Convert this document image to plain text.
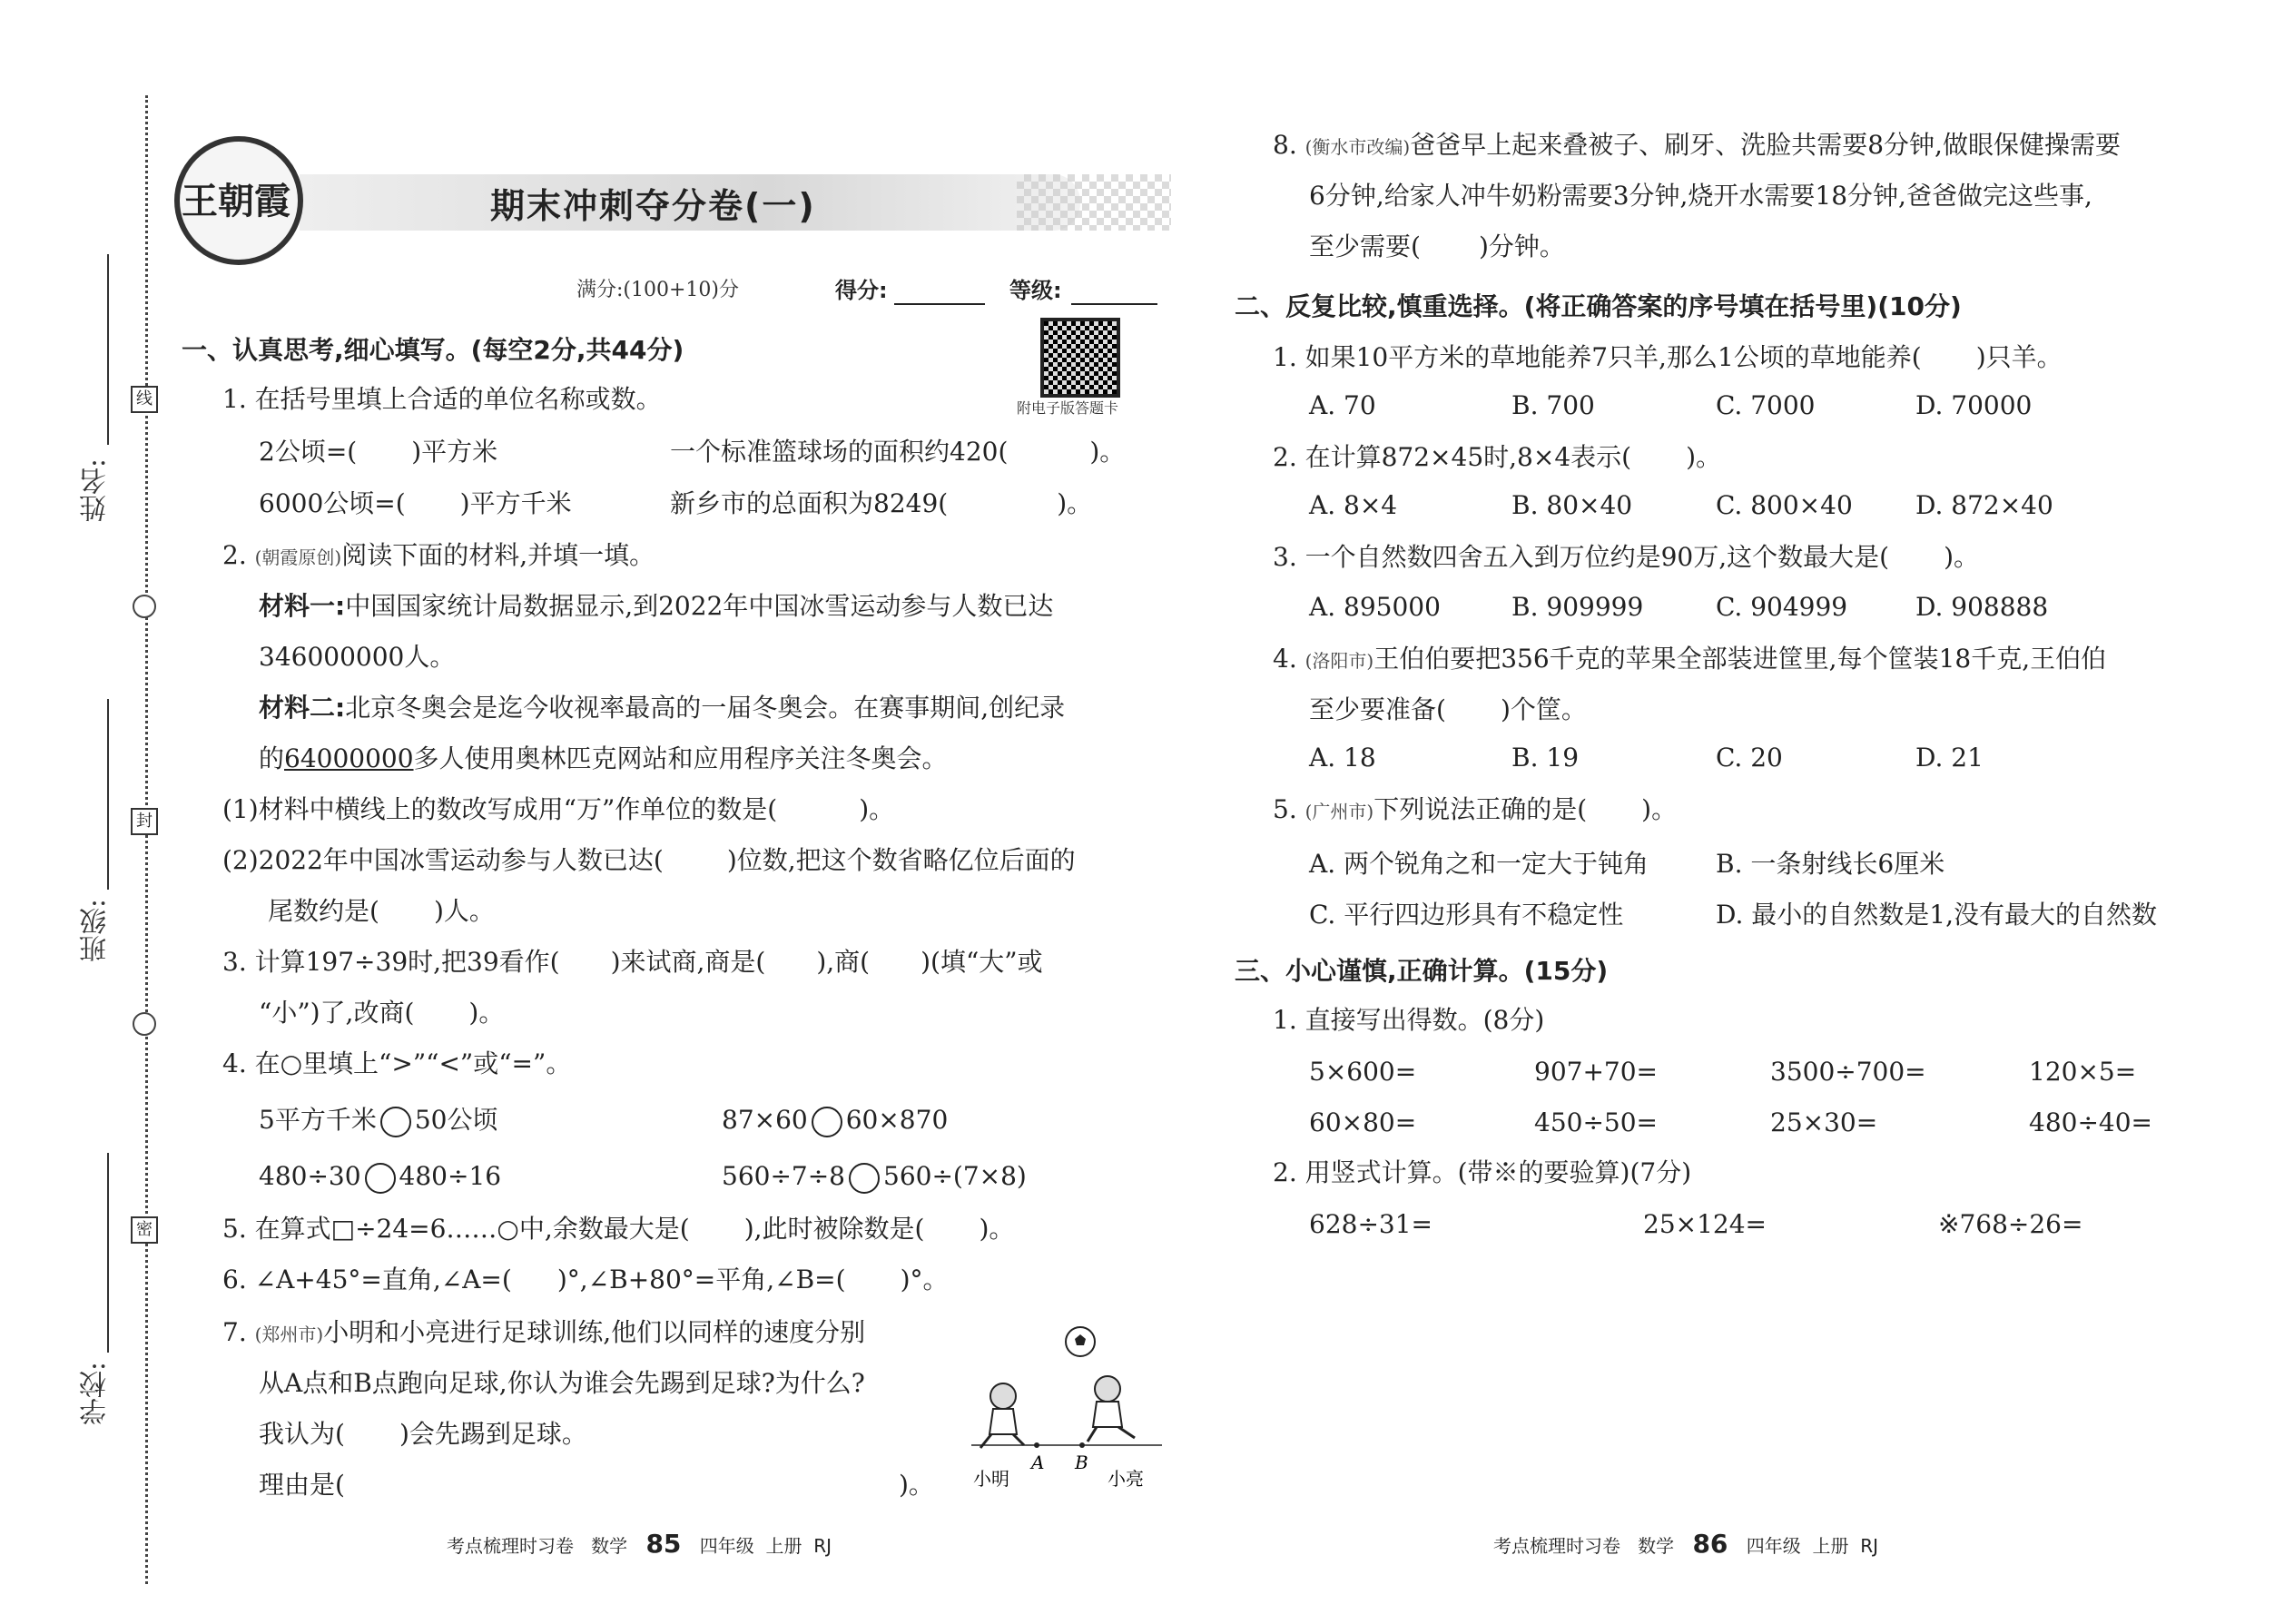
姓名:
班级:
学校:
线
封
密
王朝霞	期末冲刺夺分卷(一)
满分:(100+10)分	得分:	等级:
附电子版答题卡
一、认真思考,细心填写。(每空2分,共44分)
1. 在括号里填上合适的单位名称或数。
2公顷=( )平方米	一个标准篮球场的面积约420(	)。
6000公顷=( )平方千米	新乡市的总面积为8249(	)。
2. (朝霞原创)阅读下面的材料,并填一填。
材料一:中国国家统计局数据显示,到2022年中国冰雪运动参与人数已达
346000000人。
材料二:北京冬奥会是迄今收视率最高的一届冬奥会。在赛事期间,创纪录
的64000000多人使用奥林匹克网站和应用程序关注冬奥会。
(1)材料中横线上的数改写成用“万”作单位的数是(	)。
(2)2022年中国冰雪运动参与人数已达(	)位数,把这个数省略亿位后面的
尾数约是( )人。
3. 计算197÷39时,把39看作( )来试商,商是( ),商( )(填“大”或
“小”)了,改商( )。
4. 在○里填上“>”“<”或“=”。
5平方千米 50公顷	87×60 60×870
480÷30 480÷16	560÷7÷8 560÷(7×8)
5. 在算式□÷24=6……○中,余数最大是( ),此时被除数是( )。
6. ∠A+45°=直角,∠A=( )°,∠B+80°=平角,∠B=( )°。
7. (郑州市)小明和小亮进行足球训练,他们以同样的速度分别
从A点和B点跑向足球,你认为谁会先踢到足球?为什么?
我认为( )会先踢到足球。
理由是(	)。
A B
小明	小亮
8. (衡水市改编)爸爸早上起来叠被子、刷牙、洗脸共需要8分钟,做眼保健操需要
6分钟,给家人冲牛奶粉需要3分钟,烧开水需要18分钟,爸爸做完这些事,
至少需要( )分钟。
二、反复比较,慎重选择。(将正确答案的序号填在括号里)(10分)
1. 如果10平方米的草地能养7只羊,那么1公顷的草地能养( )只羊。
A. 70	B. 700	C. 7000	D. 70000
2. 在计算872×45时,8×4表示( )。
A. 8×4	B. 80×40	C. 800×40 D. 872×40
3. 一个自然数四舍五入到万位约是90万,这个数最大是( )。
A. 895000	B. 909999	C. 904999	D. 908888
4. (洛阳市)王伯伯要把356千克的苹果全部装进筐里,每个筐装18千克,王伯伯
至少要准备( )个筐。
A. 18	B. 19	C. 20	D. 21
5. (广州市)下列说法正确的是( )。
A. 两个锐角之和一定大于钝角	B. 一条射线长6厘米
C. 平行四边形具有不稳定性	D. 最小的自然数是1,没有最大的自然数
三、小心谨慎,正确计算。(15分)
1. 直接写出得数。(8分)
5×600=	907+70=	3500÷700=	120×5=
60×80=	450÷50=	25×30=	480÷40=
2. 用竖式计算。(带※的要验算)(7分)
628÷31=	25×124=	※768÷26=
考点梳理时习卷 数学 85 四年级 上册 RJ	考点梳理时习卷 数学 86 四年级 上册 RJ
